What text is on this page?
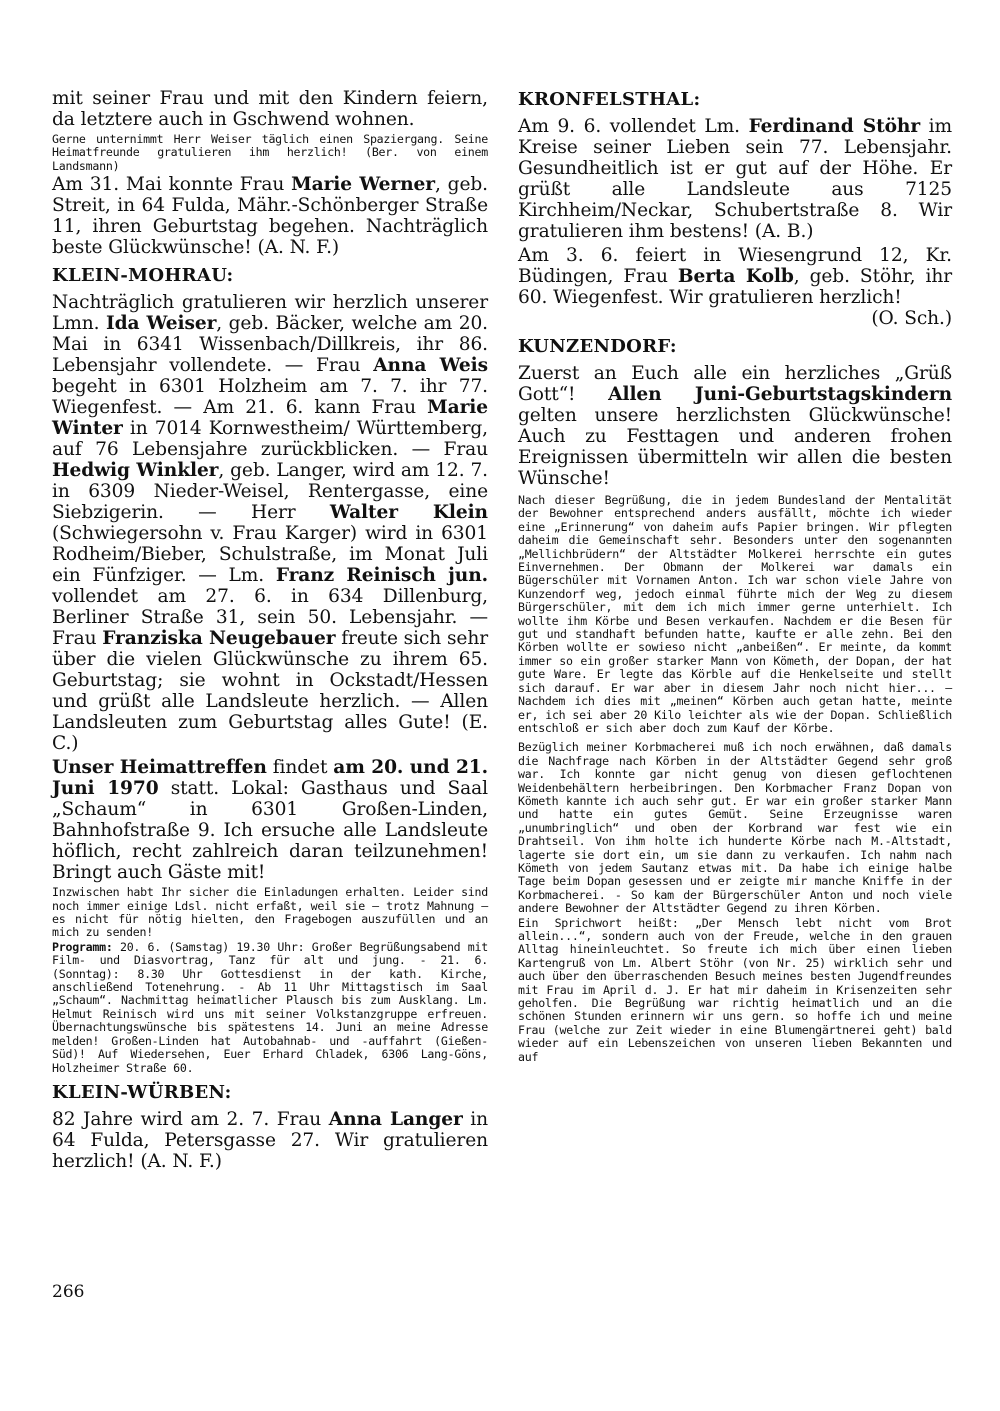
mit seiner Frau und mit den Kindern feiern, da letztere auch in Gschwend wohnen.

Gerne unternimmt Herr Weiser täglich einen Spaziergang. Seine Heimatfreunde gratulieren ihm herzlich! (Ber. von einem Landsmann)

Am 31. Mai konnte Frau Marie Werner, geb. Streit, in 64 Fulda, Mähr.-Schönberger Straße 11, ihren Geburtstag begehen. Nachträglich beste Glückwünsche! (A. N. F.)

KLEIN-MOHRAU:

Nachträglich gratulieren wir herzlich unserer Lmn. Ida Weiser, geb. Bäcker, welche am 20. Mai in 6341 Wissenbach/Dillkreis, ihr 86. Lebensjahr vollendete. — Frau Anna Weis begeht in 6301 Holzheim am 7. 7. ihr 77. Wiegenfest. — Am 21. 6. kann Frau Marie Winter in 7014 Kornwestheim/ Württemberg, auf 76 Lebensjahre zurückblicken. — Frau Hedwig Winkler, geb. Langer, wird am 12. 7. in 6309 Nieder-Weisel, Rentergasse, eine Siebzigerin. — Herr Walter Klein (Schwiegersohn v. Frau Karger) wird in 6301 Rodheim/Bieber, Schulstraße, im Monat Juli ein Fünfziger. — Lm. Franz Reinisch jun. vollendet am 27. 6. in 634 Dillenburg, Berliner Straße 31, sein 50. Lebensjahr. — Frau Franziska Neugebauer freute sich sehr über die vielen Glückwünsche zu ihrem 65. Geburtstag; sie wohnt in Ockstadt/Hessen und grüßt alle Landsleute herzlich. — Allen Landsleuten zum Geburtstag alles Gute! (E. C.)

Unser Heimattreffen findet am 20. und 21. Juni 1970 statt. Lokal: Gasthaus und Saal „Schaum“ in 6301 Großen-Linden, Bahnhofstraße 9. Ich ersuche alle Landsleute höflich, recht zahlreich daran teilzunehmen! Bringt auch Gäste mit!

Inzwischen habt Ihr sicher die Einladungen erhalten. Leider sind noch immer einige Ldsl. nicht erfaßt, weil sie — trotz Mahnung — es nicht für nötig hielten, den Fragebogen auszufüllen und an mich zu senden!

Programm: 20. 6. (Samstag) 19.30 Uhr: Großer Begrüßungsabend mit Film- und Diasvortrag, Tanz für alt und jung. - 21. 6. (Sonntag): 8.30 Uhr Gottesdienst in der kath. Kirche, anschließend Totenehrung. - Ab 11 Uhr Mittagstisch im Saal „Schaum“. Nachmittag heimatlicher Plausch bis zum Ausklang. Lm. Helmut Reinisch wird uns mit seiner Volkstanzgruppe erfreuen. Übernachtungswünsche bis spätestens 14. Juni an meine Adresse melden! Großen-Linden hat Autobahnab- und -auffahrt (Gießen-Süd)! Auf Wiedersehen, Euer Erhard Chladek, 6306 Lang-Göns, Holzheimer Straße 60.

KLEIN-WÜRBEN:

82 Jahre wird am 2. 7. Frau Anna Langer in 64 Fulda, Petersgasse 27. Wir gratulieren herzlich! (A. N. F.)

KRONFELSTHAL:

Am 9. 6. vollendet Lm. Ferdinand Stöhr im Kreise seiner Lieben sein 77. Lebensjahr. Gesundheitlich ist er gut auf der Höhe. Er grüßt alle Landsleute aus 7125 Kirchheim/Neckar, Schubertstraße 8. Wir gratulieren ihm bestens! (A. B.)

Am 3. 6. feiert in Wiesengrund 12, Kr. Büdingen, Frau Berta Kolb, geb. Stöhr, ihr 60. Wiegenfest. Wir gratulieren herzlich!

(O. Sch.)

KUNZENDORF:

Zuerst an Euch alle ein herzliches „Grüß Gott“! Allen Juni-Geburtstagskindern gelten unsere herzlichsten Glückwünsche! Auch zu Festtagen und anderen frohen Ereignissen übermitteln wir allen die besten Wünsche!

Nach dieser Begrüßung, die in jedem Bundesland der Mentalität der Bewohner entsprechend anders ausfällt, möchte ich wieder eine „Erinnerung“ von daheim aufs Papier bringen. Wir pflegten daheim die Gemeinschaft sehr. Besonders unter den sogenannten „Mellichbrüdern“ der Altstädter Molkerei herrschte ein gutes Einvernehmen. Der Obmann der Molkerei war damals ein Bügerschüler mit Vornamen Anton. Ich war schon viele Jahre von Kunzendorf weg, jedoch einmal führte mich der Weg zu diesem Bürgerschüler, mit dem ich mich immer gerne unterhielt. Ich wollte ihm Körbe und Besen verkaufen. Nachdem er die Besen für gut und standhaft befunden hatte, kaufte er alle zehn. Bei den Körben wollte er sowieso nicht „anbeißen“. Er meinte, da kommt immer so ein großer starker Mann von Kömeth, der Dopan, der hat gute Ware. Er legte das Körble auf die Henkelseite und stellt sich darauf. Er war aber in diesem Jahr noch nicht hier... — Nachdem ich dies mit „meinen“ Körben auch getan hatte, meinte er, ich sei aber 20 Kilo leichter als wie der Dopan. Schließlich entschloß er sich aber doch zum Kauf der Körbe.

Bezüglich meiner Korbmacherei muß ich noch erwähnen, daß damals die Nachfrage nach Körben in der Altstädter Gegend sehr groß war. Ich konnte gar nicht genug von diesen geflochtenen Weidenbehältern herbeibringen. Den Korbmacher Franz Dopan von Kömeth kannte ich auch sehr gut. Er war ein großer starker Mann und hatte ein gutes Gemüt. Seine Erzeugnisse waren „unumbringlich“ und oben der Korbrand war fest wie ein Drahtseil. Von ihm holte ich hunderte Körbe nach M.-Altstadt, lagerte sie dort ein, um sie dann zu verkaufen. Ich nahm nach Kömeth von jedem Sautanz etwas mit. Da habe ich einige halbe Tage beim Dopan gesessen und er zeigte mir manche Kniffe in der Korbmacherei. - So kam der Bürgerschüler Anton und noch viele andere Bewohner der Altstädter Gegend zu ihren Körben.

Ein Sprichwort heißt: „Der Mensch lebt nicht vom Brot allein...“, sondern auch von der Freude, welche in den grauen Alltag hineinleuchtet. So freute ich mich über einen lieben Kartengruß von Lm. Albert Stöhr (von Nr. 25) wirklich sehr und auch über den überraschenden Besuch meines besten Jugendfreundes mit Frau im April d. J. Er hat mir daheim in Krisenzeiten sehr geholfen. Die Begrüßung war richtig heimatlich und an die schönen Stunden erinnern wir uns gern. so hoffe ich und meine Frau (welche zur Zeit wieder in eine Blumengärtnerei geht) bald wieder auf ein Lebenszeichen von unseren lieben Bekannten und auf

266
